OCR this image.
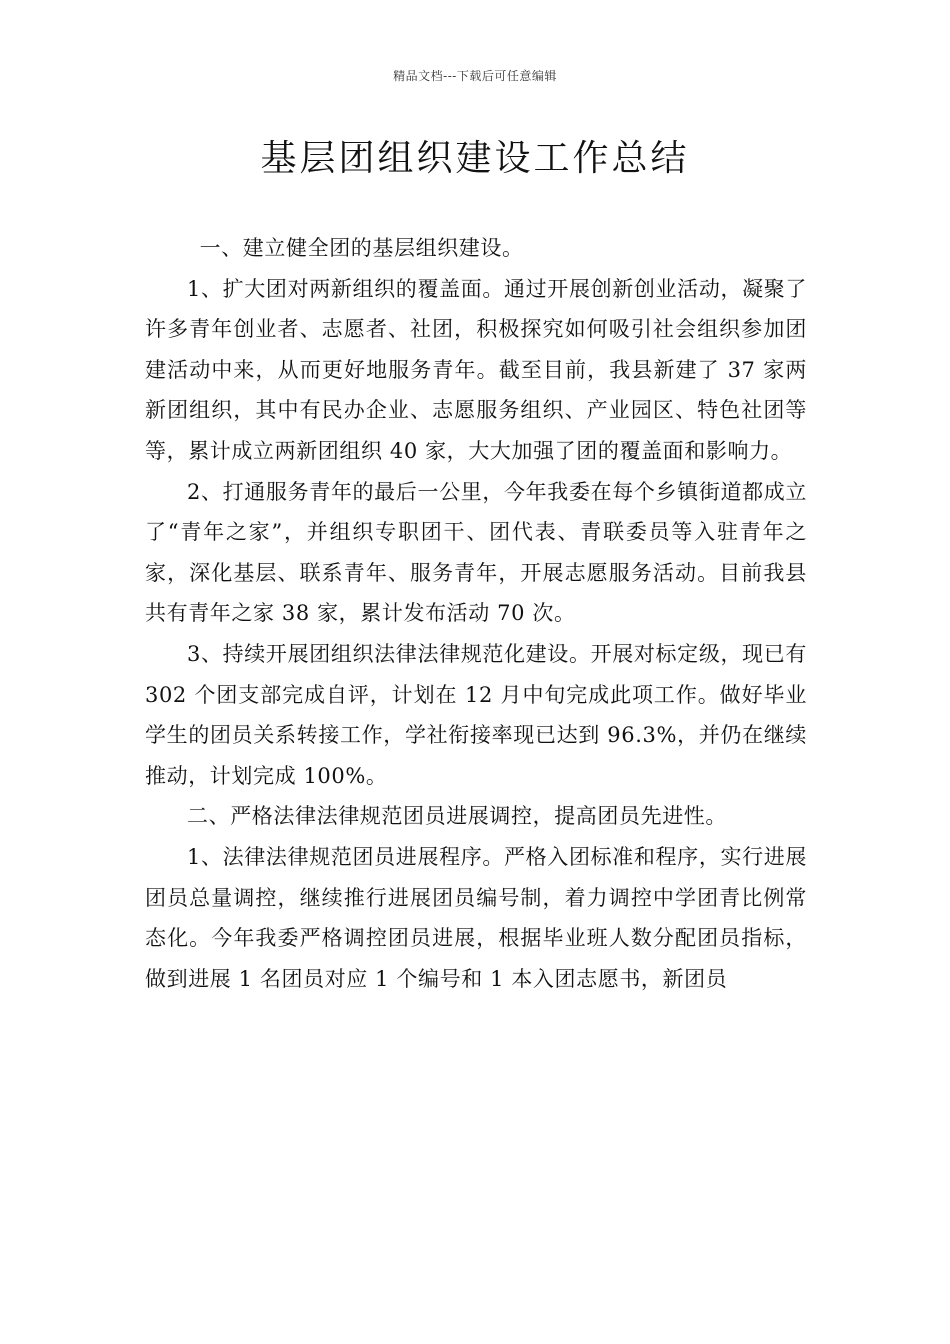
精品文档---下载后可任意编辑
基层团组织建设工作总结

一、建立健全团的基层组织建设。

1、扩大团对两新组织的覆盖面。通过开展创新创业活动，凝聚了许多青年创业者、志愿者、社团，积极探究如何吸引社会组织参加团建活动中来，从而更好地服务青年。截至目前，我县新建了 37 家两新团组织，其中有民办企业、志愿服务组织、产业园区、特色社团等等，累计成立两新团组织 40 家，大大加强了团的覆盖面和影响力。

2、打通服务青年的最后一公里，今年我委在每个乡镇街道都成立了“青年之家”，并组织专职团干、团代表、青联委员等入驻青年之家，深化基层、联系青年、服务青年，开展志愿服务活动。目前我县共有青年之家 38 家，累计发布活动 70 次。

3、持续开展团组织法律法律规范化建设。开展对标定级，现已有 302 个团支部完成自评，计划在 12 月中旬完成此项工作。做好毕业学生的团员关系转接工作，学社衔接率现已达到 96.3%，并仍在继续推动，计划完成 100%。

二、严格法律法律规范团员进展调控，提高团员先进性。

1、法律法律规范团员进展程序。严格入团标准和程序，实行进展团员总量调控，继续推行进展团员编号制，着力调控中学团青比例常态化。今年我委严格调控团员进展，根据毕业班人数分配团员指标，做到进展 1 名团员对应 1 个编号和 1 本入团志愿书，新团员
